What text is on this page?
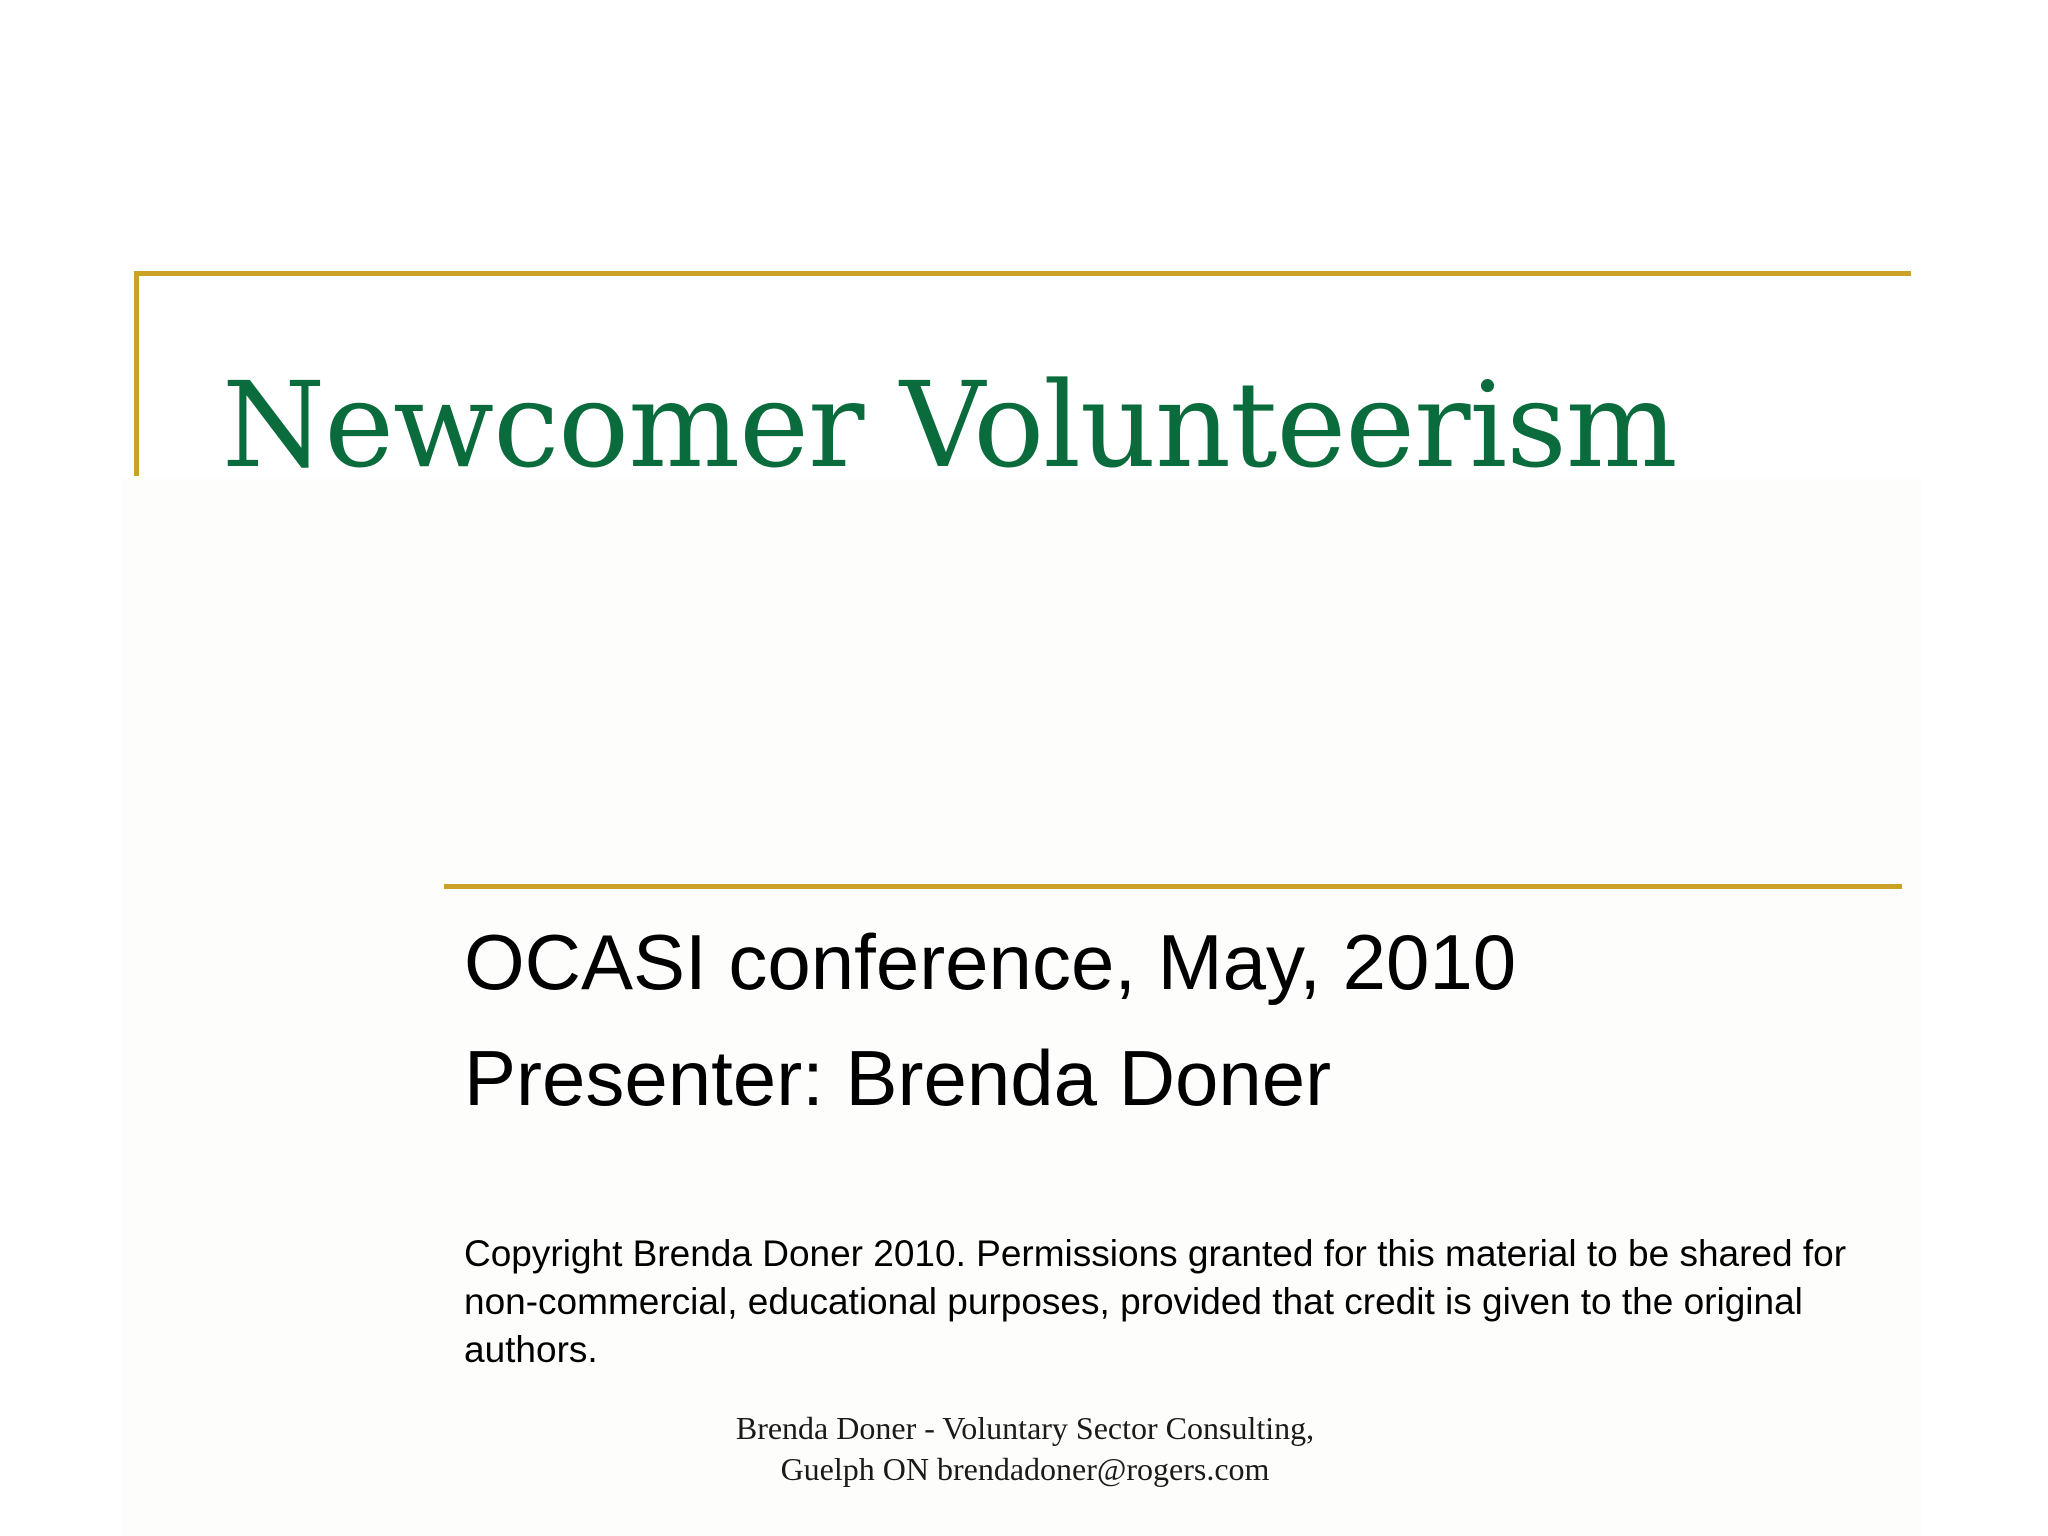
Newcomer Volunteerism
OCASI conference, May, 2010
Presenter: Brenda Doner

Copyright Brenda Doner 2010. Permissions granted for this material to be shared for non-commercial, educational purposes, provided that credit is given to the original authors.

Brenda Doner - Voluntary Sector Consulting,
Guelph ON brendadoner@rogers.com
